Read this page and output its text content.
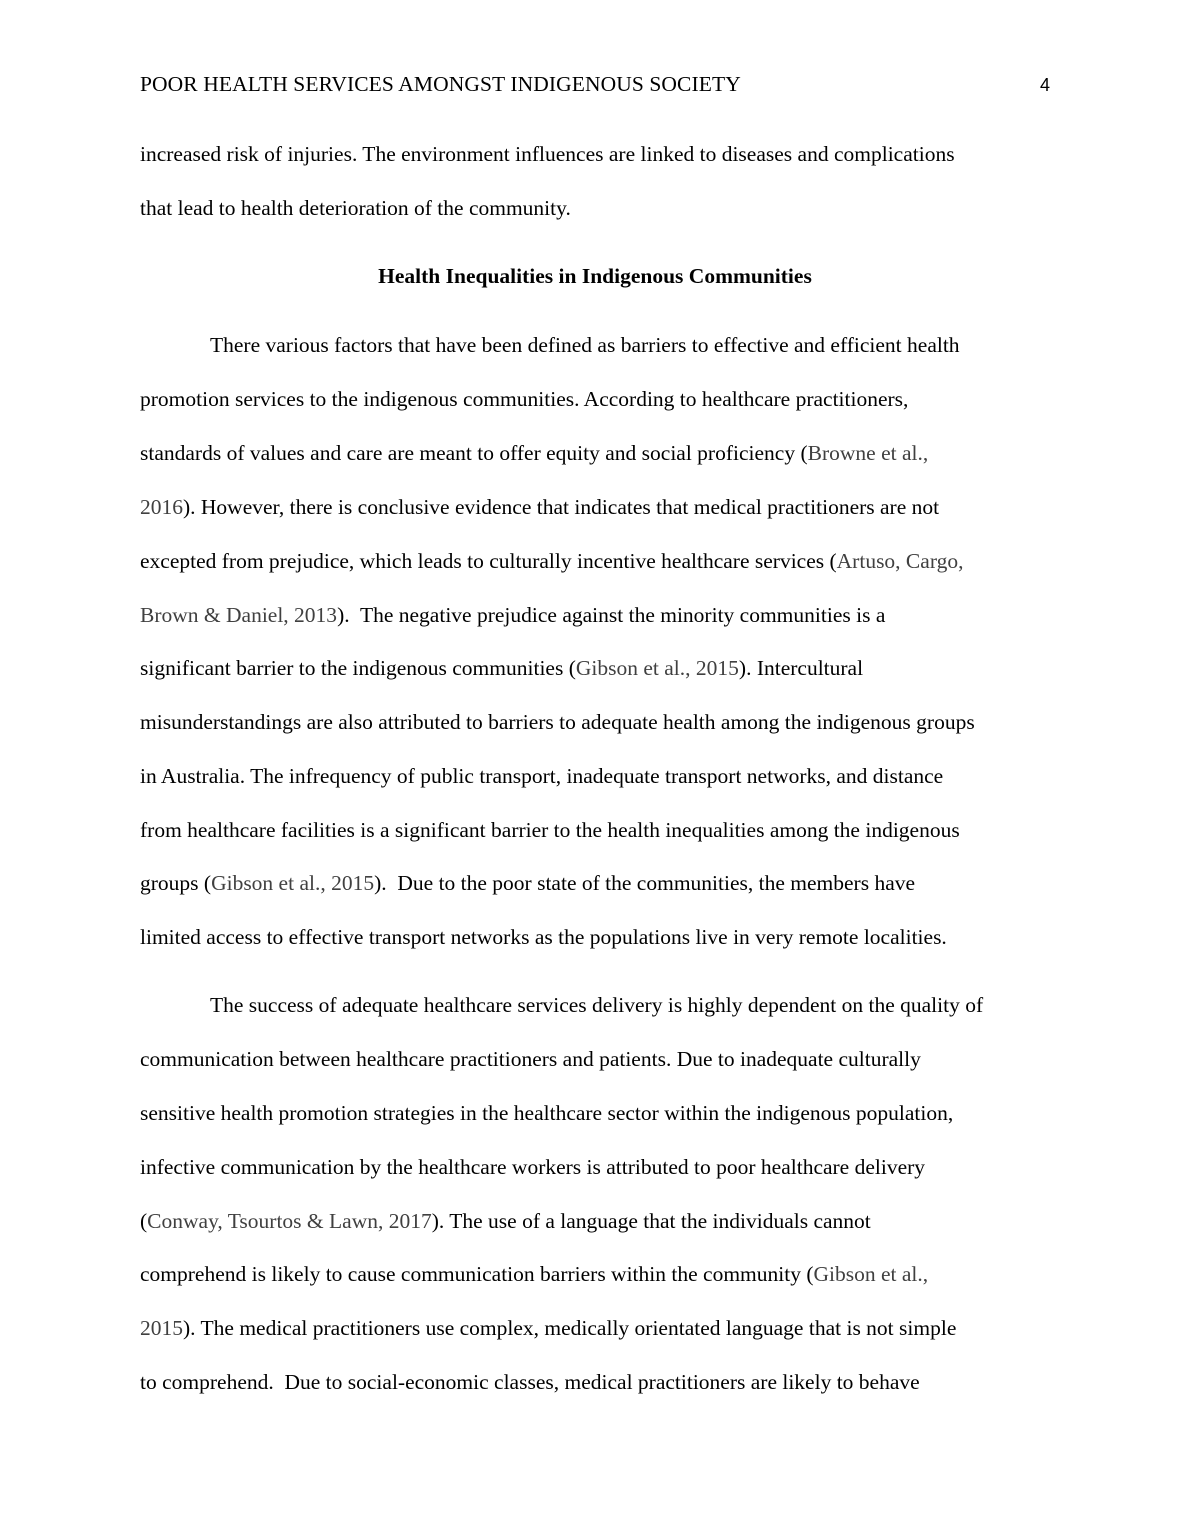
POOR HEALTH SERVICES AMONGST INDIGENOUS SOCIETY	4
Health Inequalities in Indigenous Communities
increased risk of injuries. The environment influences are linked to diseases and complications
that lead to health deterioration of the community.
There various factors that have been defined as barriers to effective and efficient health
promotion services to the indigenous communities. According to healthcare practitioners,
standards of values and care are meant to offer equity and social proficiency (Browne et al.,
2016). However, there is conclusive evidence that indicates that medical practitioners are not
excepted from prejudice, which leads to culturally incentive healthcare services (Artuso, Cargo,
Brown & Daniel, 2013).  The negative prejudice against the minority communities is a
significant barrier to the indigenous communities (Gibson et al., 2015). Intercultural
misunderstandings are also attributed to barriers to adequate health among the indigenous groups
in Australia. The infrequency of public transport, inadequate transport networks, and distance
from healthcare facilities is a significant barrier to the health inequalities among the indigenous
groups (Gibson et al., 2015).  Due to the poor state of the communities, the members have
limited access to effective transport networks as the populations live in very remote localities.
The success of adequate healthcare services delivery is highly dependent on the quality of
communication between healthcare practitioners and patients. Due to inadequate culturally
sensitive health promotion strategies in the healthcare sector within the indigenous population,
infective communication by the healthcare workers is attributed to poor healthcare delivery
(Conway, Tsourtos & Lawn, 2017). The use of a language that the individuals cannot
comprehend is likely to cause communication barriers within the community (Gibson et al.,
2015). The medical practitioners use complex, medically orientated language that is not simple
to comprehend.  Due to social-economic classes, medical practitioners are likely to behave
